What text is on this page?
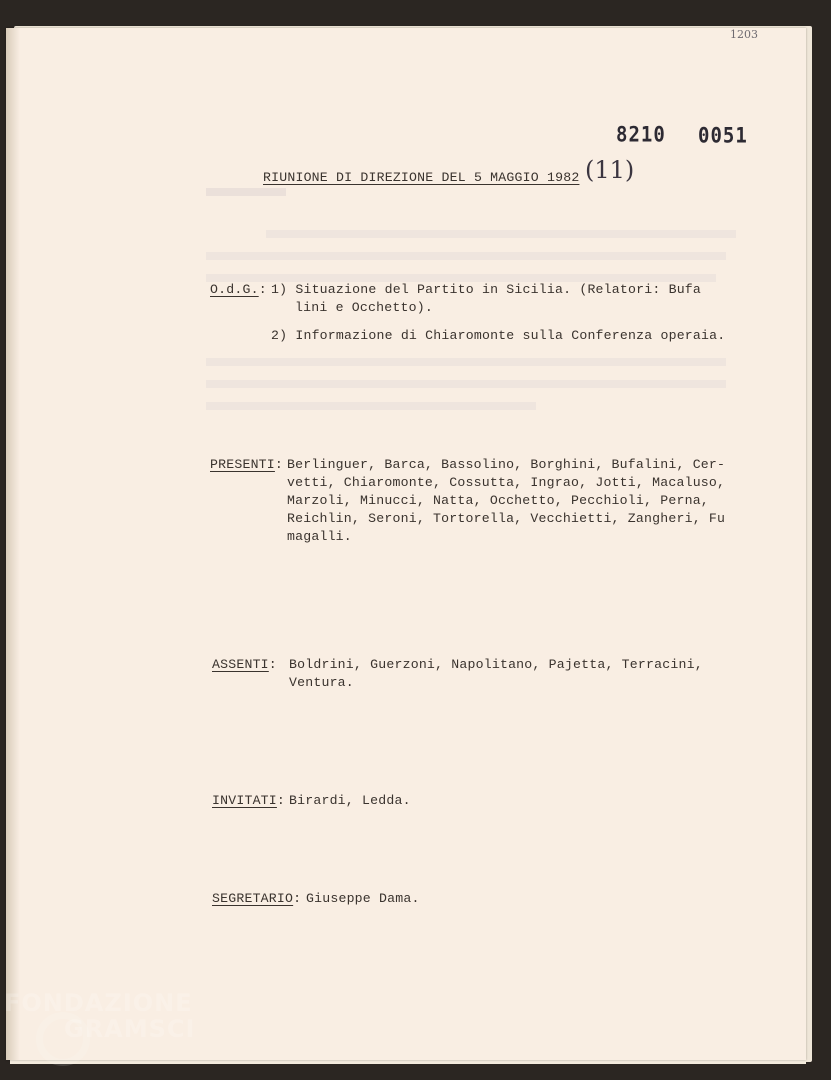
1203
8210 0051
RIUNIONE DI DIREZIONE DEL 5 MAGGIO 1982 (11)
O.d.G.: 1) Situazione del Partito in Sicilia. (Relatori: Bufa
lini e Occhetto).
2) Informazione di Chiaromonte sulla Conferenza operaia.
PRESENTI: Berlinguer, Barca, Bassolino, Borghini, Bufalini, Cer-
vetti, Chiaromonte, Cossutta, Ingrao, Jotti, Macaluso,
Marzoli, Minucci, Natta, Occhetto, Pecchioli, Perna,
Reichlin, Seroni, Tortorella, Vecchietti, Zangheri, Fu
magalli.
ASSENTI: Boldrini, Guerzoni, Napolitano, Pajetta, Terracini,
Ventura.
INVITATI: Birardi, Ledda.
SEGRETARIO: Giuseppe Dama.
FONDAZIONE
GRAMSCI
